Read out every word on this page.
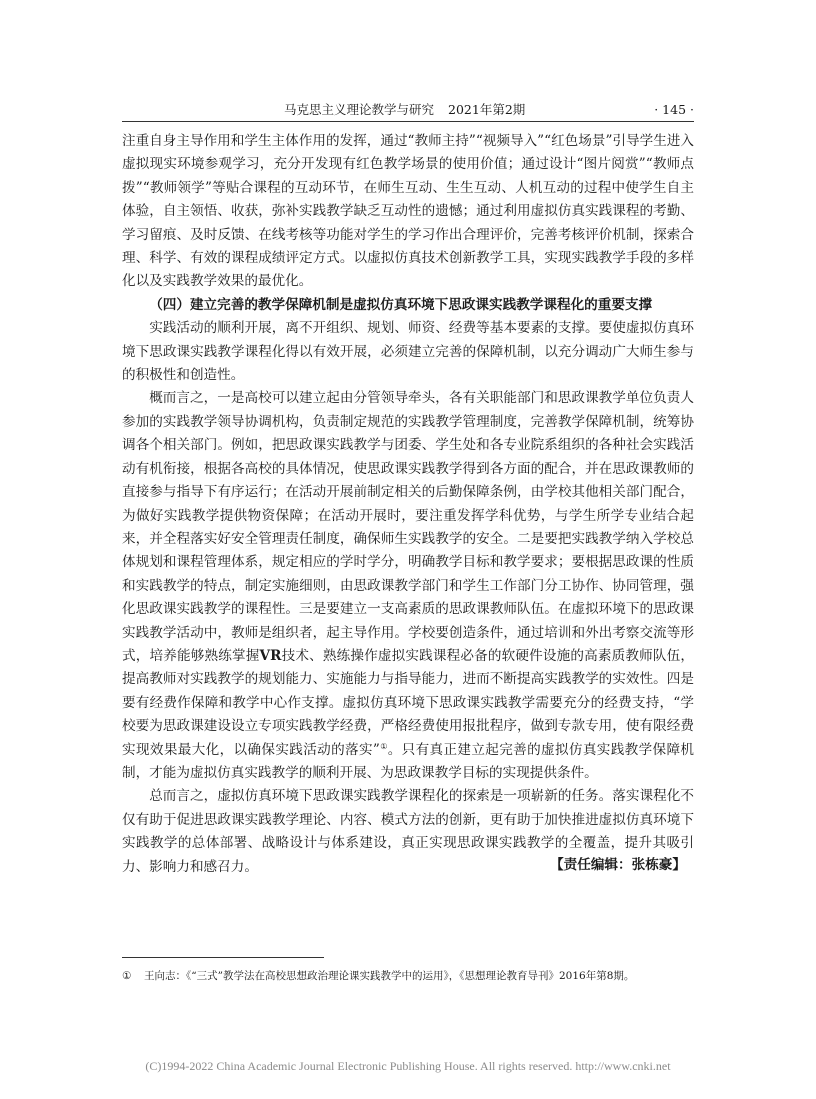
马克思主义理论教学与研究 2021年第2期	· 145 ·

注重自身主导作用和学生主体作用的发挥，通过“教师主持”“视频导入”“红色场景”引导学生进入虚拟现实环境参观学习，充分开发现有红色教学场景的使用价值；通过设计“图片阅赏”“教师点拨”“教师领学”等贴合课程的互动环节，在师生互动、生生互动、人机互动的过程中使学生自主体验，自主领悟、收获，弥补实践教学缺乏互动性的遗憾；通过利用虚拟仿真实践课程的考勤、学习留痕、及时反馈、在线考核等功能对学生的学习作出合理评价，完善考核评价机制，探索合理、科学、有效的课程成绩评定方式。以虚拟仿真技术创新教学工具，实现实践教学手段的多样化以及实践教学效果的最优化。

（四）建立完善的教学保障机制是虚拟仿真环境下思政课实践教学课程化的重要支撑

实践活动的顺利开展，离不开组织、规划、师资、经费等基本要素的支撑。要使虚拟仿真环境下思政课实践教学课程化得以有效开展，必须建立完善的保障机制，以充分调动广大师生参与的积极性和创造性。

概而言之，一是高校可以建立起由分管领导牵头，各有关职能部门和思政课教学单位负责人参加的实践教学领导协调机构，负责制定规范的实践教学管理制度，完善教学保障机制，统筹协调各个相关部门。例如，把思政课实践教学与团委、学生处和各专业院系组织的各种社会实践活动有机衔接，根据各高校的具体情况，使思政课实践教学得到各方面的配合，并在思政课教师的直接参与指导下有序运行；在活动开展前制定相关的后勤保障条例，由学校其他相关部门配合，为做好实践教学提供物资保障；在活动开展时，要注重发挥学科优势，与学生所学专业结合起来，并全程落实好安全管理责任制度，确保师生实践教学的安全。二是要把实践教学纳入学校总体规划和课程管理体系，规定相应的学时学分，明确教学目标和教学要求；要根据思政课的性质和实践教学的特点，制定实施细则，由思政课教学部门和学生工作部门分工协作、协同管理，强化思政课实践教学的课程性。三是要建立一支高素质的思政课教师队伍。在虚拟环境下的思政课实践教学活动中，教师是组织者，起主导作用。学校要创造条件，通过培训和外出考察交流等形式，培养能够熟练掌握VR技术、熟练操作虚拟实践课程必备的软硬件设施的高素质教师队伍，提高教师对实践教学的规划能力、实施能力与指导能力，进而不断提高实践教学的实效性。四是要有经费作保障和教学中心作支撑。虚拟仿真环境下思政课实践教学需要充分的经费支持，“学校要为思政课建设设立专项实践教学经费，严格经费使用报批程序，做到专款专用，使有限经费实现效果最大化，以确保实践活动的落实”①。只有真正建立起完善的虚拟仿真实践教学保障机制，才能为虚拟仿真实践教学的顺利开展、为思政课教学目标的实现提供条件。

总而言之，虚拟仿真环境下思政课实践教学课程化的探索是一项崭新的任务。落实课程化不仅有助于促进思政课实践教学理论、内容、模式方法的创新，更有助于加快推进虚拟仿真环境下实践教学的总体部署、战略设计与体系建设，真正实现思政课实践教学的全覆盖，提升其吸引力、影响力和感召力。	【责任编辑：张栋豪】
① 王向志：《“三式”教学法在高校思想政治理论课实践教学中的运用》，《思想理论教育导刊》2016年第8期。
(C)1994-2022 China Academic Journal Electronic Publishing House. All rights reserved. http://www.cnki.net
